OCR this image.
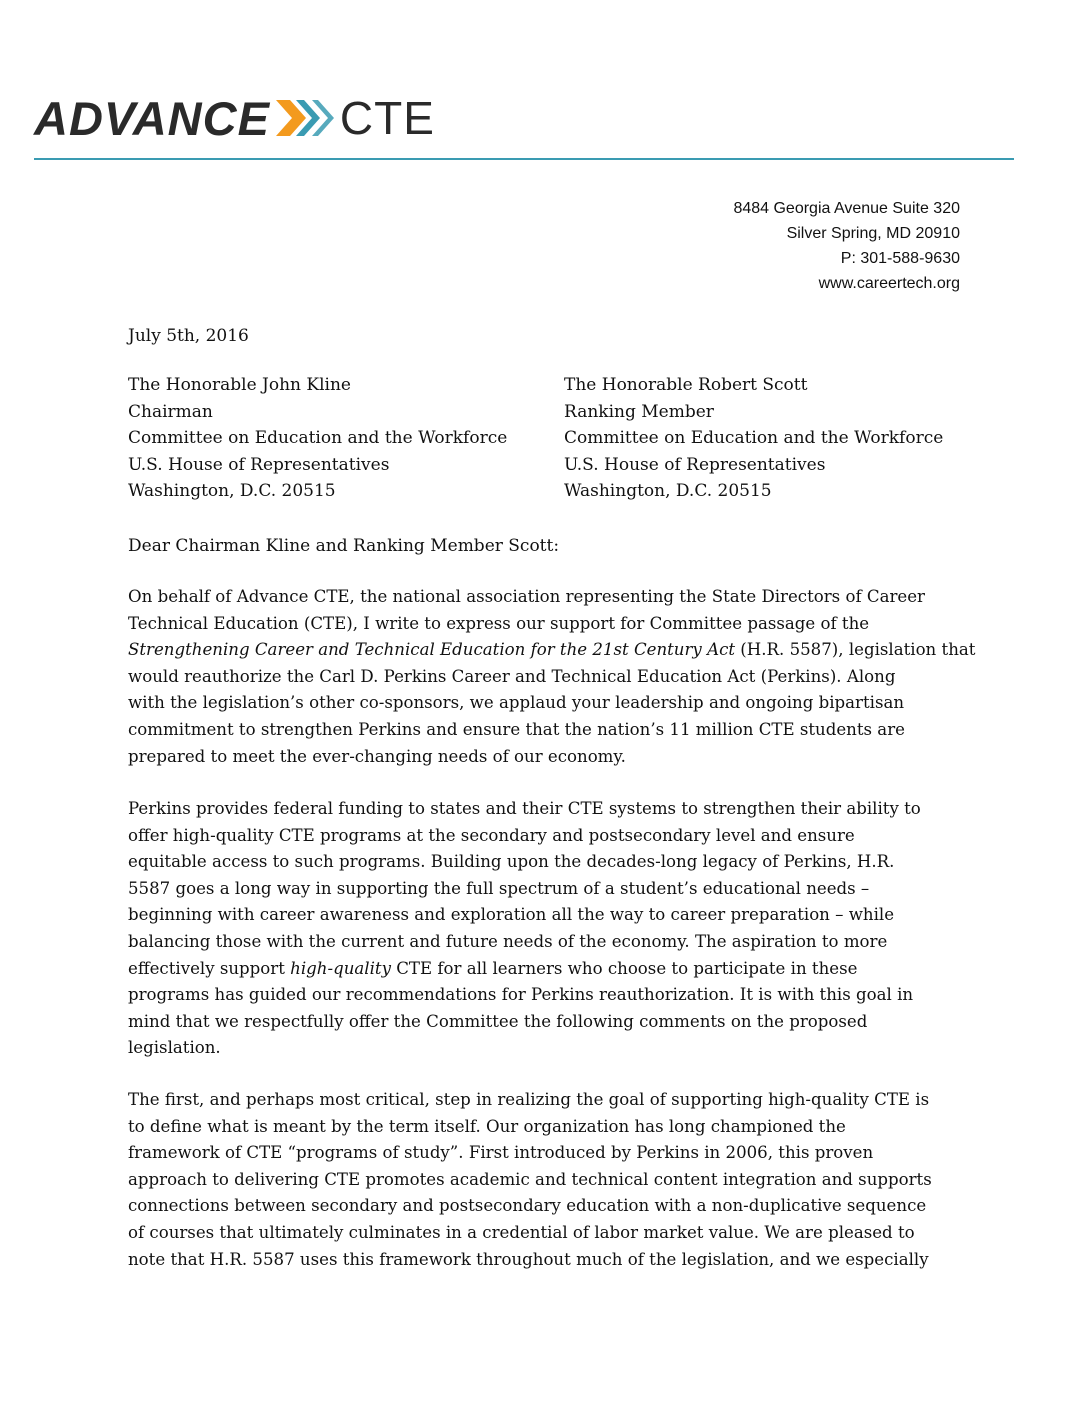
ADVANCE CTE
8484 Georgia Avenue Suite 320
Silver Spring, MD 20910
P: 301-588-9630
www.careertech.org
July 5th, 2016
The Honorable John Kline
Chairman
Committee on Education and the Workforce
U.S. House of Representatives
Washington, D.C. 20515
The Honorable Robert Scott
Ranking Member
Committee on Education and the Workforce
U.S. House of Representatives
Washington, D.C. 20515
Dear Chairman Kline and Ranking Member Scott:

On behalf of Advance CTE, the national association representing the State Directors of Career
Technical Education (CTE), I write to express our support for Committee passage of the
Strengthening Career and Technical Education for the 21st Century Act (H.R. 5587), legislation that
would reauthorize the Carl D. Perkins Career and Technical Education Act (Perkins). Along
with the legislation’s other co-sponsors, we applaud your leadership and ongoing bipartisan
commitment to strengthen Perkins and ensure that the nation’s 11 million CTE students are
prepared to meet the ever-changing needs of our economy.

Perkins provides federal funding to states and their CTE systems to strengthen their ability to
offer high-quality CTE programs at the secondary and postsecondary level and ensure
equitable access to such programs. Building upon the decades-long legacy of Perkins, H.R.
5587 goes a long way in supporting the full spectrum of a student’s educational needs –
beginning with career awareness and exploration all the way to career preparation – while
balancing those with the current and future needs of the economy. The aspiration to more
effectively support high-quality CTE for all learners who choose to participate in these
programs has guided our recommendations for Perkins reauthorization. It is with this goal in
mind that we respectfully offer the Committee the following comments on the proposed
legislation.

The first, and perhaps most critical, step in realizing the goal of supporting high-quality CTE is
to define what is meant by the term itself. Our organization has long championed the
framework of CTE “programs of study”. First introduced by Perkins in 2006, this proven
approach to delivering CTE promotes academic and technical content integration and supports
connections between secondary and postsecondary education with a non-duplicative sequence
of courses that ultimately culminates in a credential of labor market value. We are pleased to
note that H.R. 5587 uses this framework throughout much of the legislation, and we especially
